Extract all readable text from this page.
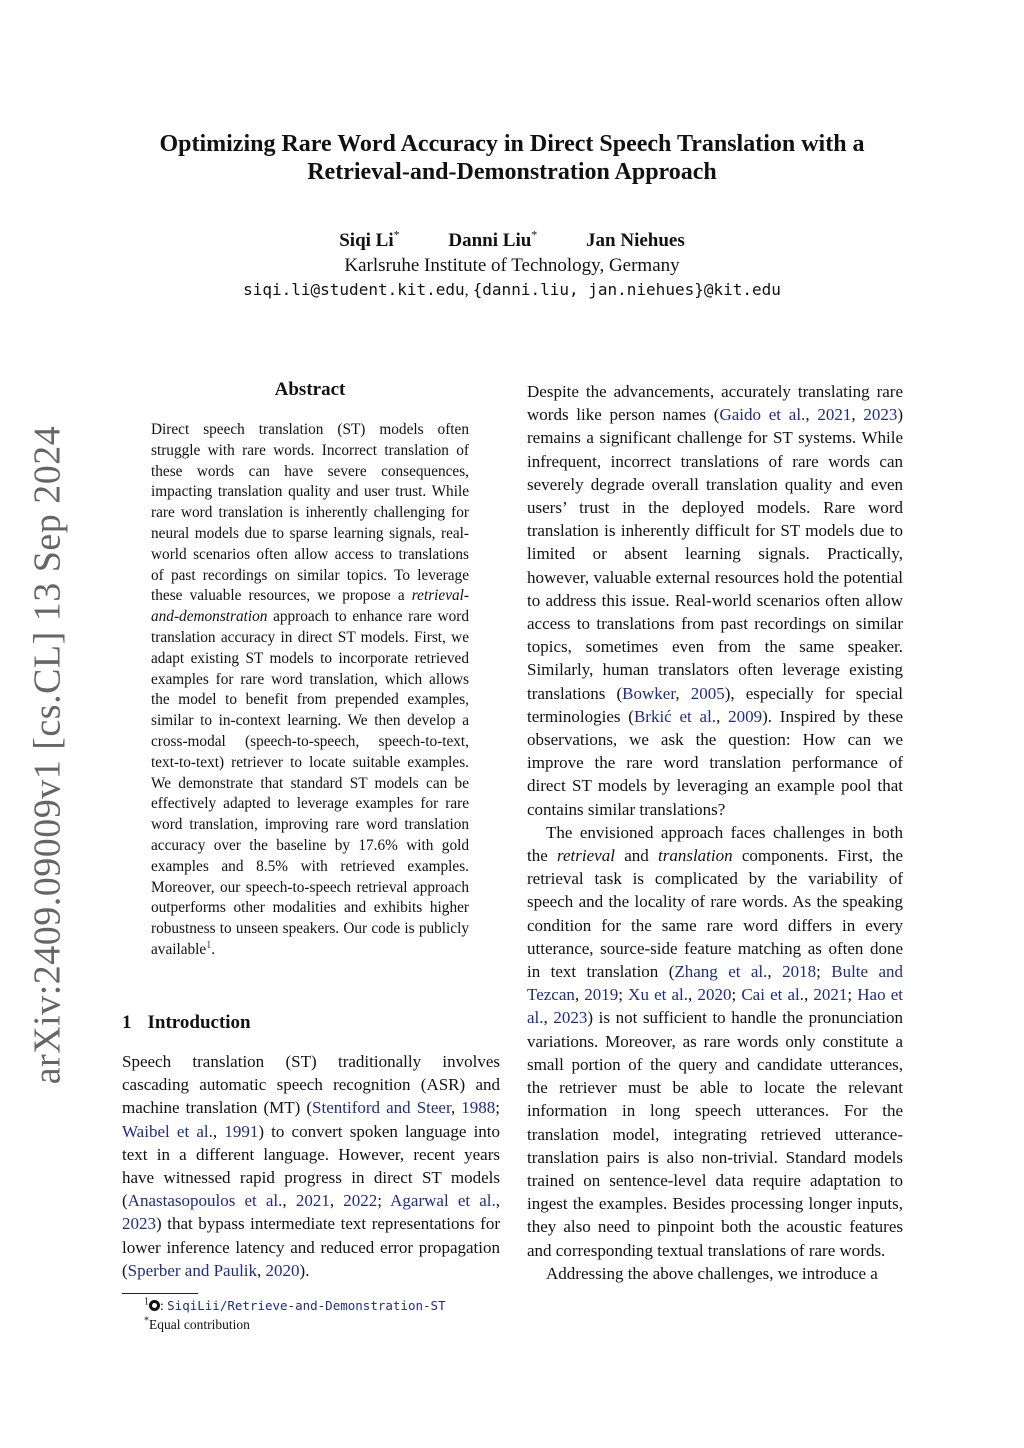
arXiv:2409.09009v1 [cs.CL] 13 Sep 2024
Optimizing Rare Word Accuracy in Direct Speech Translation with a
Retrieval-and-Demonstration Approach
Siqi Li*	Danni Liu*	Jan Niehues
Karlsruhe Institute of Technology, Germany
siqi.li@student.kit.edu, {danni.liu, jan.niehues}@kit.edu
Abstract
Direct speech translation (ST) models often struggle with rare words. Incorrect translation of these words can have severe consequences, impacting translation quality and user trust. While rare word translation is inherently challenging for neural models due to sparse learning signals, real-world scenarios often allow access to translations of past recordings on similar topics. To leverage these valuable resources, we propose a retrieval-and-demonstration approach to enhance rare word translation accuracy in direct ST models. First, we adapt existing ST models to incorporate retrieved examples for rare word translation, which allows the model to benefit from prepended examples, similar to in-context learning. We then develop a cross-modal (speech-to-speech, speech-to-text, text-to-text) retriever to locate suitable examples. We demonstrate that standard ST models can be effectively adapted to leverage examples for rare word translation, improving rare word translation accuracy over the baseline by 17.6% with gold examples and 8.5% with retrieved examples. Moreover, our speech-to-speech retrieval approach outperforms other modalities and exhibits higher robustness to unseen speakers. Our code is publicly available$^1$.
1 Introduction
Speech translation (ST) traditionally involves cascading automatic speech recognition (ASR) and machine translation (MT) (Stentiford and Steer, 1988; Waibel et al., 1991) to convert spoken language into text in a different language. However, recent years have witnessed rapid progress in direct ST models (Anastasopoulos et al., 2021, 2022; Agarwal et al., 2023) that bypass intermediate text representations for lower inference latency and reduced error propagation (Sperber and Paulik, 2020).
$^1$ : SiqiLii/Retrieve-and-Demonstration-ST
*Equal contribution

Despite the advancements, accurately translating rare words like person names (Gaido et al., 2021, 2023) remains a significant challenge for ST systems. While infrequent, incorrect translations of rare words can severely degrade overall translation quality and even users’ trust in the deployed models. Rare word translation is inherently difficult for ST models due to limited or absent learning signals. Practically, however, valuable external resources hold the potential to address this issue. Real-world scenarios often allow access to translations from past recordings on similar topics, sometimes even from the same speaker. Similarly, human translators often leverage existing translations (Bowker, 2005), especially for special terminologies (Brkić et al., 2009). Inspired by these observations, we ask the question: How can we improve the rare word translation performance of direct ST models by leveraging an example pool that contains similar translations?

The envisioned approach faces challenges in both the retrieval and translation components. First, the retrieval task is complicated by the variability of speech and the locality of rare words. As the speaking condition for the same rare word differs in every utterance, source-side feature matching as often done in text translation (Zhang et al., 2018; Bulte and Tezcan, 2019; Xu et al., 2020; Cai et al., 2021; Hao et al., 2023) is not sufficient to handle the pronunciation variations. Moreover, as rare words only constitute a small portion of the query and candidate utterances, the retriever must be able to locate the relevant information in long speech utterances. For the translation model, integrating retrieved utterance-translation pairs is also non-trivial. Standard models trained on sentence-level data require adaptation to ingest the examples. Besides processing longer inputs, they also need to pinpoint both the acoustic features and corresponding textual translations of rare words.

Addressing the above challenges, we introduce a
